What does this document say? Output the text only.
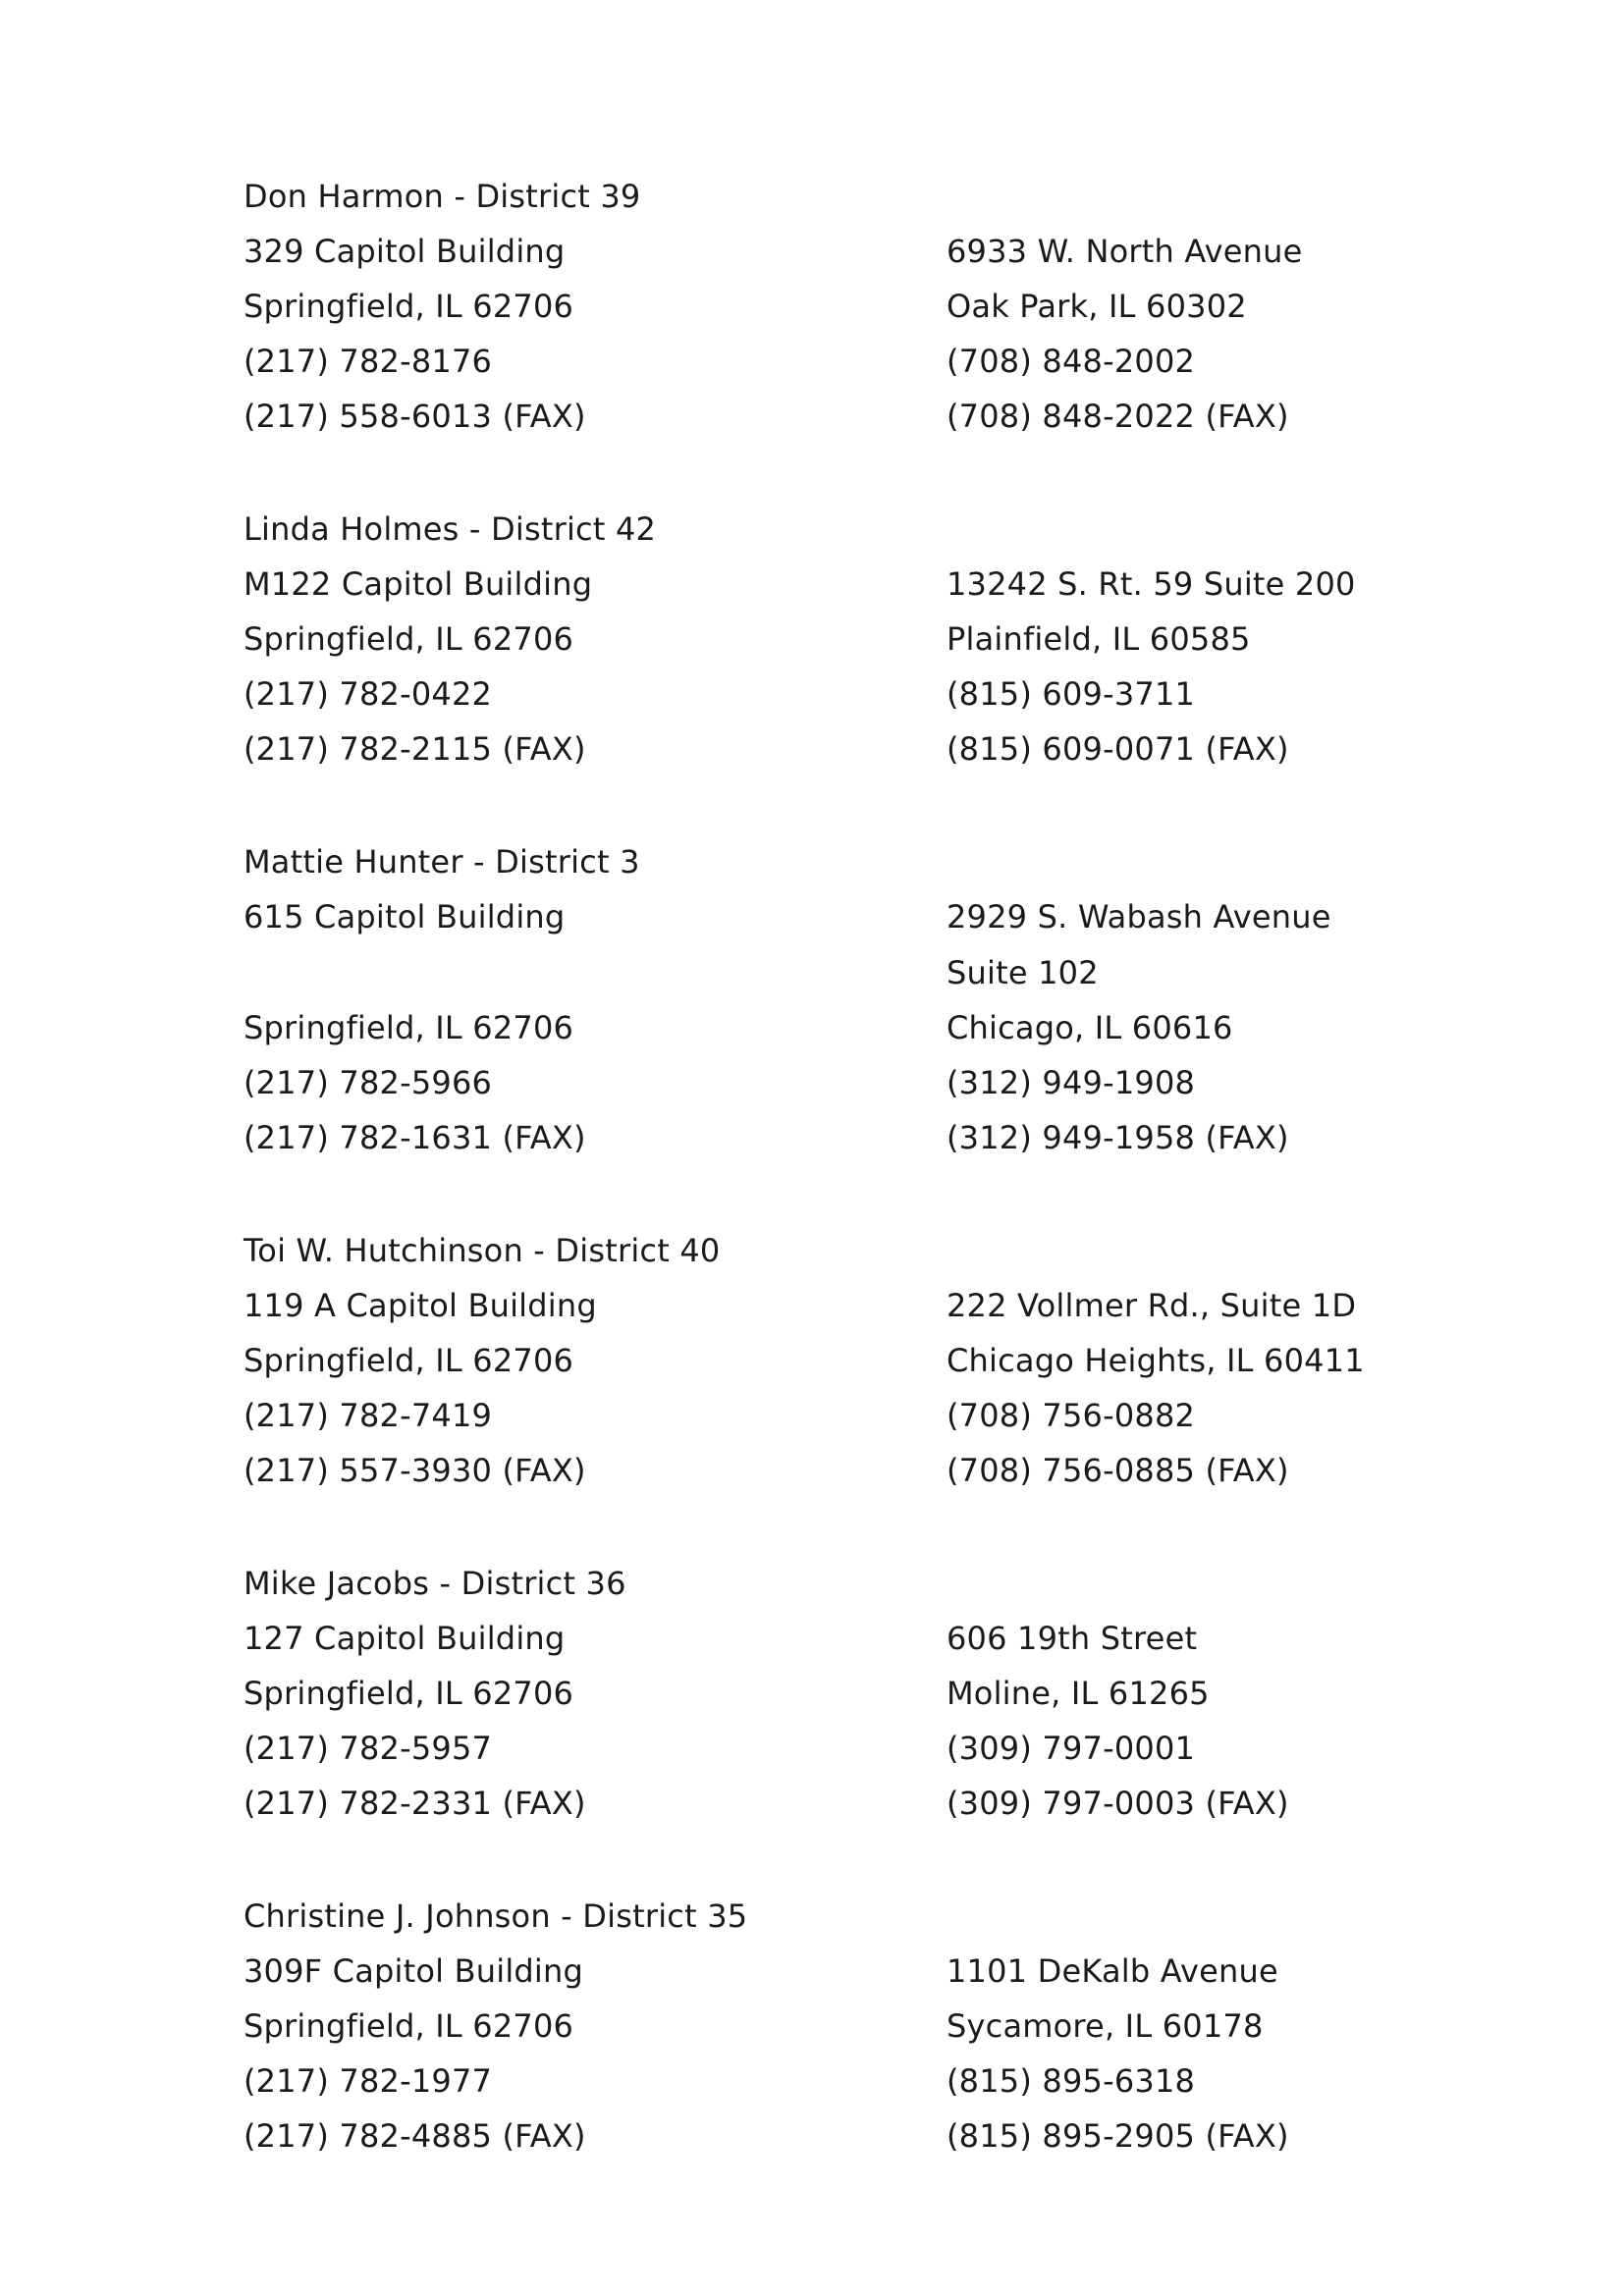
Don Harmon - District 39
329 Capitol Building
Springfield, IL 62706
(217) 782-8176
(217) 558-6013 (FAX)
6933 W. North Avenue
Oak Park, IL 60302
(708) 848-2002
(708) 848-2022 (FAX)
Linda Holmes - District 42
M122 Capitol Building
Springfield, IL 62706
(217) 782-0422
(217) 782-2115 (FAX)
13242 S. Rt. 59 Suite 200
Plainfield, IL 60585
(815) 609-3711
(815) 609-0071 (FAX)
Mattie Hunter - District 3
615 Capitol Building
Springfield, IL 62706
(217) 782-5966
(217) 782-1631 (FAX)
2929 S. Wabash Avenue
Suite 102
Chicago, IL 60616
(312) 949-1908
(312) 949-1958 (FAX)
Toi W. Hutchinson - District 40
119 A Capitol Building
Springfield, IL 62706
(217) 782-7419
(217) 557-3930 (FAX)
222 Vollmer Rd., Suite 1D
Chicago Heights, IL 60411
(708) 756-0882
(708) 756-0885 (FAX)
Mike Jacobs - District 36
127 Capitol Building
Springfield, IL 62706
(217) 782-5957
(217) 782-2331 (FAX)
606 19th Street
Moline, IL 61265
(309) 797-0001
(309) 797-0003 (FAX)
Christine J. Johnson - District 35
309F Capitol Building
Springfield, IL 62706
(217) 782-1977
(217) 782-4885 (FAX)
1101 DeKalb Avenue
Sycamore, IL 60178
(815) 895-6318
(815) 895-2905 (FAX)
